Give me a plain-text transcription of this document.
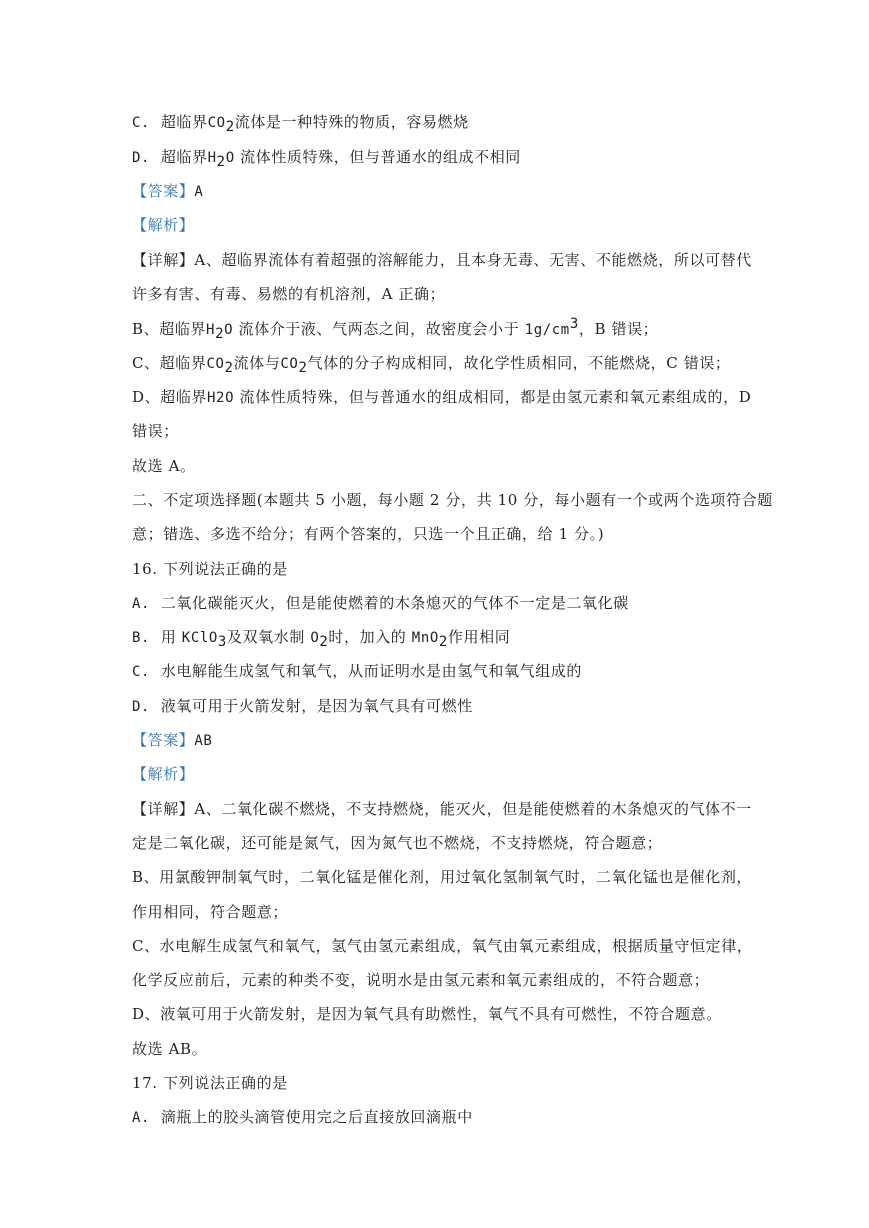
C. 超临界$CO_2$流体是一种特殊的物质，容易燃烧
D. 超临界$H_2O$ 流体性质特殊，但与普通水的组成不相同
【答案】A
【解析】
【详解】A、超临界流体有着超强的溶解能力，且本身无毒、无害、不能燃烧，所以可替代
许多有害、有毒、易燃的有机溶剂，A 正确；
B、超临界$H_2O$ 流体介于液、气两态之间，故密度会小于 $1g/cm^3$，B 错误；
C、超临界$CO_2$流体与$CO_2$气体的分子构成相同，故化学性质相同，不能燃烧，C 错误；
D、超临界H2O 流体性质特殊，但与普通水的组成相同，都是由氢元素和氧元素组成的，D
错误；
故选 A。
二、不定项选择题(本题共 5 小题，每小题 2 分，共 10 分，每小题有一个或两个选项符合题
意；错选、多选不给分；有两个答案的，只选一个且正确，给 1 分。)
16. 下列说法正确的是
A. 二氧化碳能灭火，但是能使燃着的木条熄灭的气体不一定是二氧化碳
B. 用 KClO$_3$及双氧水制 $O_2$时，加入的 MnO$_2$作用相同
C. 水电解能生成氢气和氧气，从而证明水是由氢气和氧气组成的
D. 液氧可用于火箭发射，是因为氧气具有可燃性
【答案】AB
【解析】
【详解】A、二氧化碳不燃烧，不支持燃烧，能灭火，但是能使燃着的木条熄灭的气体不一
定是二氧化碳，还可能是氮气，因为氮气也不燃烧，不支持燃烧，符合题意；
B、用氯酸钾制氧气时，二氧化锰是催化剂，用过氧化氢制氧气时，二氧化锰也是催化剂，
作用相同，符合题意；
C、水电解生成氢气和氧气，氢气由氢元素组成，氧气由氧元素组成，根据质量守恒定律，
化学反应前后，元素的种类不变，说明水是由氢元素和氧元素组成的，不符合题意；
D、液氧可用于火箭发射，是因为氧气具有助燃性，氧气不具有可燃性，不符合题意。
故选 AB。
17. 下列说法正确的是
A. 滴瓶上的胶头滴管使用完之后直接放回滴瓶中
